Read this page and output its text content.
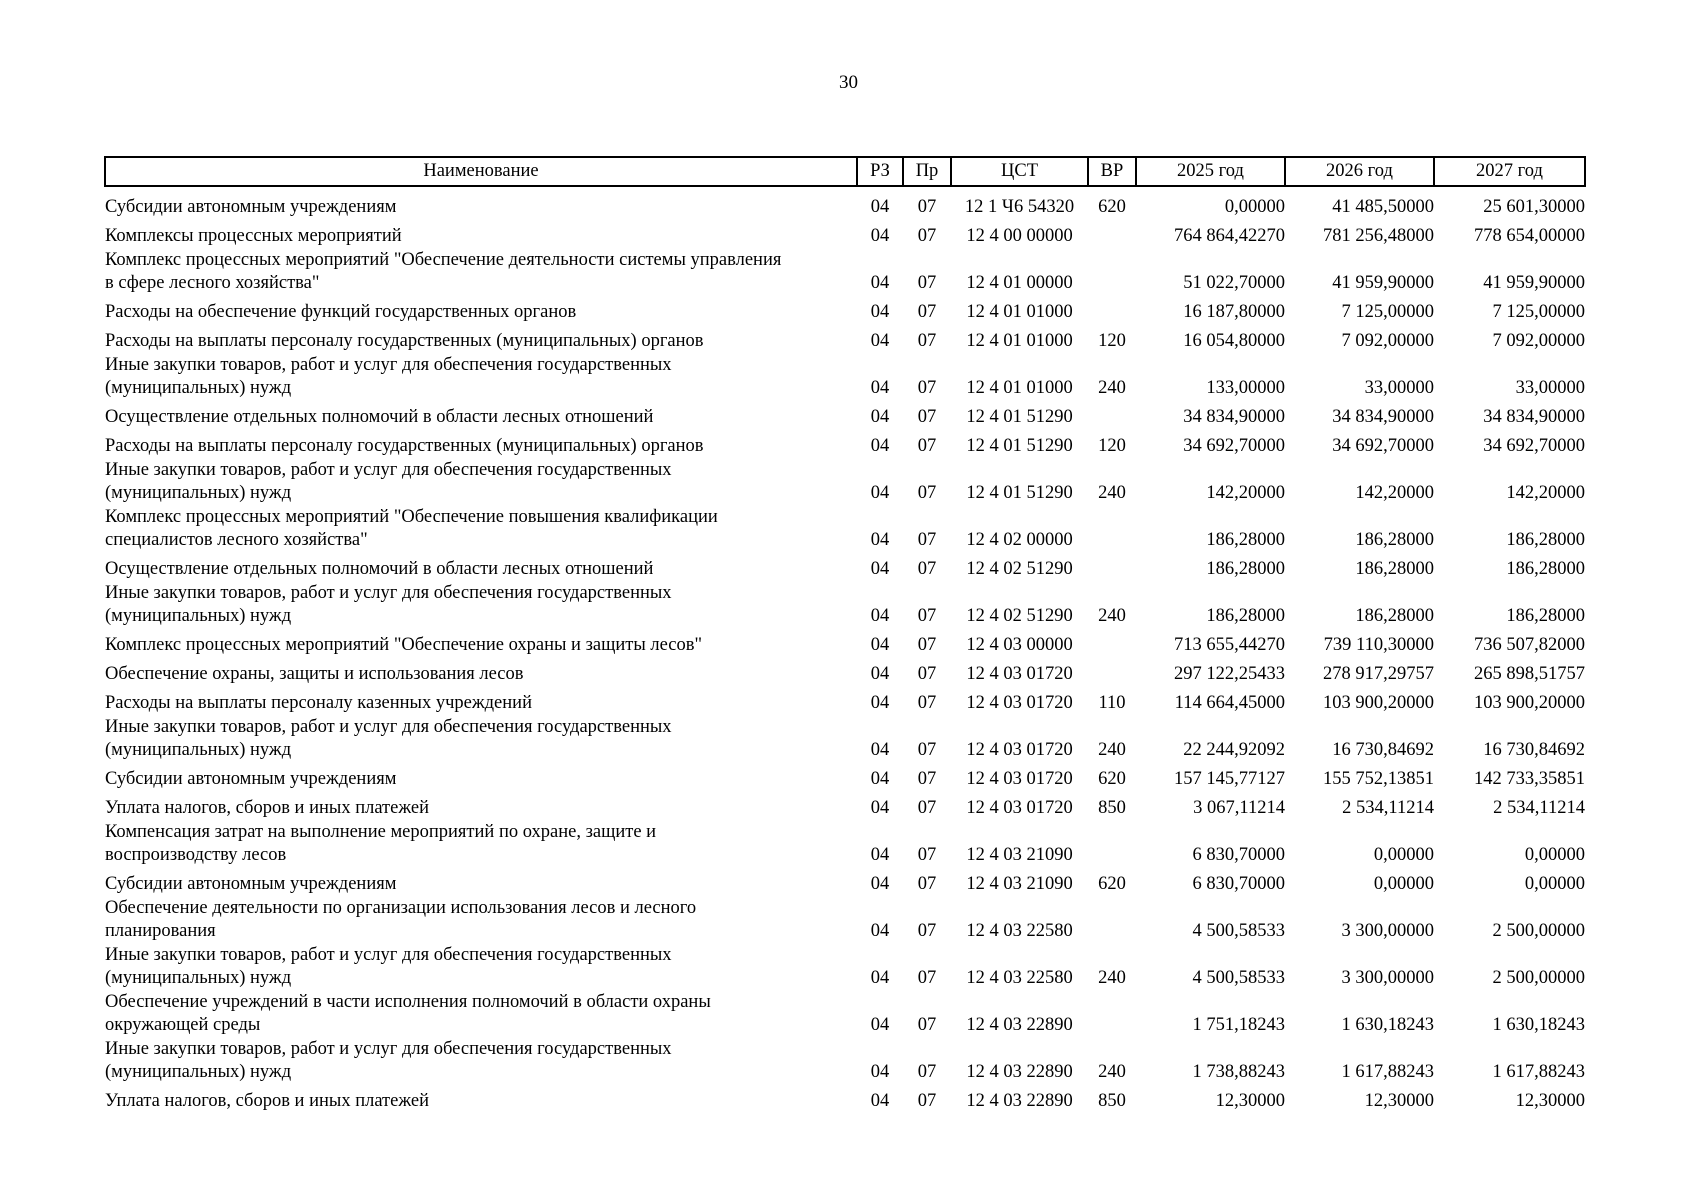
30
Наименование	РЗ	Пр	ЦСТ	ВР	2025 год	2026 год	2027 год

Субсидии автономным учреждениям	04	07	12 1 Ч6 54320	620	0,00000	41 485,50000	25 601,30000

Комплексы процессных мероприятий	04	07	12 4 00 00000		764 864,42270	781 256,48000	778 654,00000

Комплекс процессных мероприятий "Обеспечение деятельности системы управления
в сфере лесного хозяйства"	04	07	12 4 01 00000		51 022,70000	41 959,90000	41 959,90000

Расходы на обеспечение функций государственных органов	04	07	12 4 01 01000		16 187,80000	7 125,00000	7 125,00000

Расходы на выплаты персоналу государственных (муниципальных) органов	04	07	12 4 01 01000	120	16 054,80000	7 092,00000	7 092,00000

Иные закупки товаров, работ и услуг для обеспечения государственных
(муниципальных) нужд	04	07	12 4 01 01000	240	133,00000	33,00000	33,00000

Осуществление отдельных полномочий в области лесных отношений	04	07	12 4 01 51290		34 834,90000	34 834,90000	34 834,90000

Расходы на выплаты персоналу государственных (муниципальных) органов	04	07	12 4 01 51290	120	34 692,70000	34 692,70000	34 692,70000

Иные закупки товаров, работ и услуг для обеспечения государственных
(муниципальных) нужд	04	07	12 4 01 51290	240	142,20000	142,20000	142,20000

Комплекс процессных мероприятий "Обеспечение повышения квалификации
специалистов лесного хозяйства"	04	07	12 4 02 00000		186,28000	186,28000	186,28000

Осуществление отдельных полномочий в области лесных отношений	04	07	12 4 02 51290		186,28000	186,28000	186,28000

Иные закупки товаров, работ и услуг для обеспечения государственных
(муниципальных) нужд	04	07	12 4 02 51290	240	186,28000	186,28000	186,28000

Комплекс процессных мероприятий "Обеспечение охраны и защиты лесов"	04	07	12 4 03 00000		713 655,44270	739 110,30000	736 507,82000

Обеспечение охраны, защиты и использования лесов	04	07	12 4 03 01720		297 122,25433	278 917,29757	265 898,51757

Расходы на выплаты персоналу казенных учреждений	04	07	12 4 03 01720	110	114 664,45000	103 900,20000	103 900,20000

Иные закупки товаров, работ и услуг для обеспечения государственных
(муниципальных) нужд	04	07	12 4 03 01720	240	22 244,92092	16 730,84692	16 730,84692

Субсидии автономным учреждениям	04	07	12 4 03 01720	620	157 145,77127	155 752,13851	142 733,35851

Уплата налогов, сборов и иных платежей	04	07	12 4 03 01720	850	3 067,11214	2 534,11214	2 534,11214

Компенсация затрат на выполнение мероприятий по охране, защите и
воспроизводству лесов	04	07	12 4 03 21090		6 830,70000	0,00000	0,00000

Субсидии автономным учреждениям	04	07	12 4 03 21090	620	6 830,70000	0,00000	0,00000

Обеспечение деятельности по организации использования лесов и лесного
планирования	04	07	12 4 03 22580		4 500,58533	3 300,00000	2 500,00000

Иные закупки товаров, работ и услуг для обеспечения государственных
(муниципальных) нужд	04	07	12 4 03 22580	240	4 500,58533	3 300,00000	2 500,00000

Обеспечение учреждений в части исполнения полномочий в области охраны
окружающей среды	04	07	12 4 03 22890		1 751,18243	1 630,18243	1 630,18243

Иные закупки товаров, работ и услуг для обеспечения государственных
(муниципальных) нужд	04	07	12 4 03 22890	240	1 738,88243	1 617,88243	1 617,88243

Уплата налогов, сборов и иных платежей	04	07	12 4 03 22890	850	12,30000	12,30000	12,30000
